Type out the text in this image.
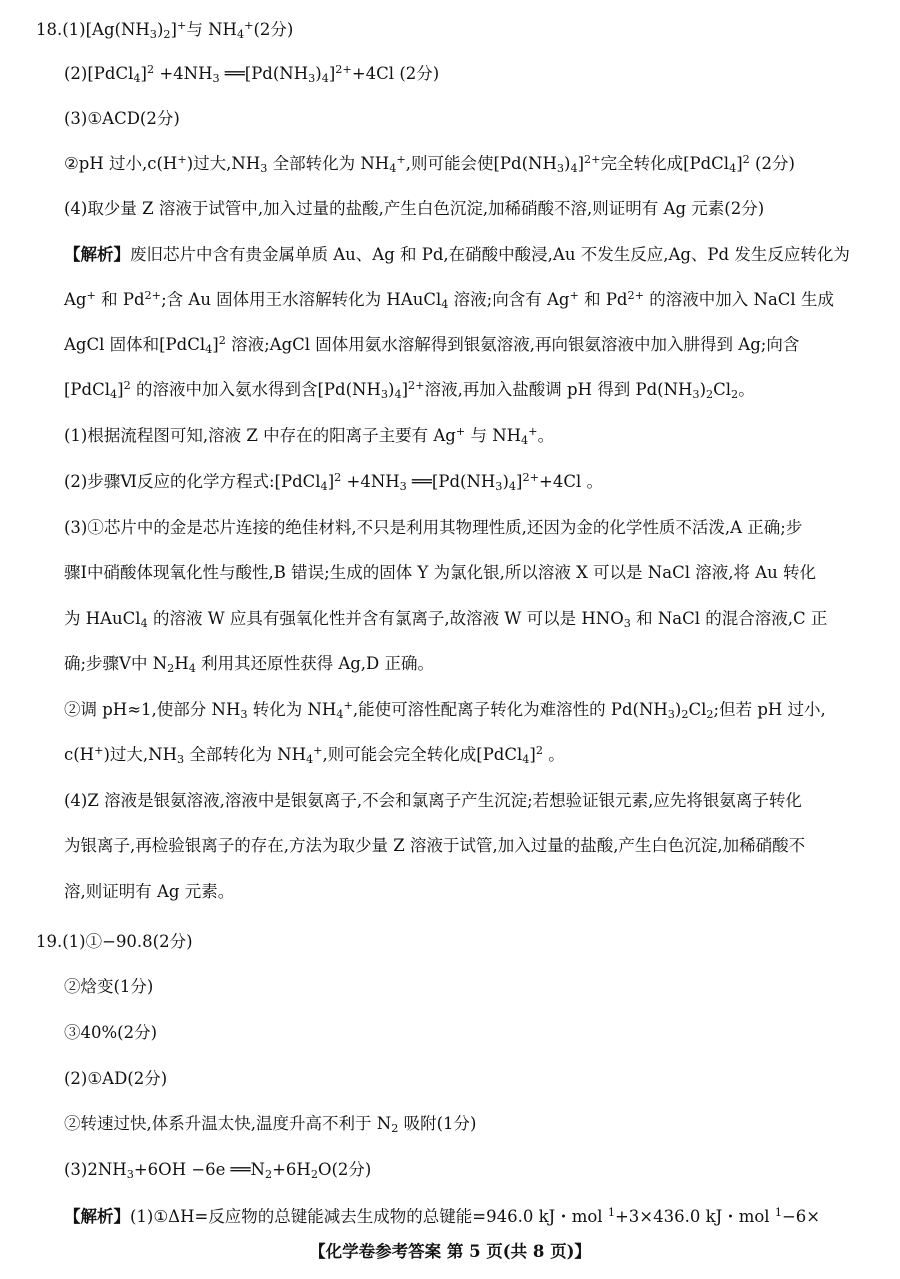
$18.(1)[Ag(NH_3)_2]^+$与 $NH_4^+(2$分)
(2)[PdCl$_4$]$^2$ $+4NH_3$ $══[Pd(NH_3)_4]^{2+}+4Cl$ (2分)
(3)①ACD(2分)
②pH 过小,c(H+)过大$,NH_3$ 全部转化为 $NH_4^+$,则可能会使$[Pd(NH_3)_4]^{2+}$完全转化成[PdCl$_4$]$^2$ (2分)
(4)取少量 Z 溶液于试管中,加入过量的盐酸,产生白色沉淀,加稀硝酸不溶,则证明有 Ag 元素(2分)
【解析】废旧芯片中含有贵金属单质 Au、Ag 和 Pd,在硝酸中酸浸,Au 不发生反应,Ag、Pd 发生反应转化为
Ag+ 和 $Pd^{2+}$;含 Au 固体用王水溶解转化为 HAuCl$_4$ 溶液;向含有 Ag+ 和 $Pd^{2+}$ 的溶液中加入 NaCl 生成
AgCl 固体和[PdCl$_4$]$^2$ 溶液;AgCl 固体用氨水溶解得到银氨溶液,再向银氨溶液中加入肼得到 Ag;向含
[PdCl$_4$]$^2$ 的溶液中加入氨水得到含$[Pd(NH_3)_4]^{2+}$溶液,再加入盐酸调 pH 得到 $Pd(NH_3)_2Cl_2$。
(1)根据流程图可知,溶液 Z 中存在的阳离子主要有 Ag+ 与 $NH_4^+$。
(2)步骤Ⅵ反应的化学方程式:[PdCl$_4$]$^2$ $+4NH_3$ $══[Pd(NH_3)_4]^{2+}+4Cl$ 。
(3)①芯片中的金是芯片连接的绝佳材料,不只是利用其物理性质,还因为金的化学性质不活泼,A 正确;步
骤Ⅰ中硝酸体现氧化性与酸性,B 错误;生成的固体 Y 为氯化银,所以溶液 X 可以是 NaCl 溶液,将 Au 转化
为 HAuCl$_4$ 的溶液 W 应具有强氧化性并含有氯离子,故溶液 W 可以是 $HNO_3$ 和 NaCl 的混合溶液,C 正
确;步骤Ⅴ中 $N_2H_4$ 利用其还原性获得 Ag,D 正确。
②调 pH≈1,使部分 $NH_3$ 转化为 $NH_4^+$,能使可溶性配离子转化为难溶性的 $Pd(NH_3)_2Cl_2$;但若 pH 过小,
c(H+)过大$,NH_3$ 全部转化为 $NH_4^+$,则可能会完全转化成[PdCl$_4$]$^2$ 。
(4)Z 溶液是银氨溶液,溶液中是银氨离子,不会和氯离子产生沉淀;若想验证银元素,应先将银氨离子转化
为银离子,再检验银离子的存在,方法为取少量 Z 溶液于试管,加入过量的盐酸,产生白色沉淀,加稀硝酸不
溶,则证明有 Ag 元素。
19.(1)①−90.8(2分)
②焓变(1分)
③40%(2分)
(2)①AD(2分)
②转速过快,体系升温太快,温度升高不利于 $N_2$ 吸附(1分)
$(3)2NH_3+6OH -6e$ $══N_2+6H_2O(2$分)
【解析】(1)①ΔH=反应物的总键能减去生成物的总键能=946.0 kJ・mol $^1$+3×436.0 kJ・mol $^1$−6×
【化学卷参考答案 第 5 页(共 8 页)】
